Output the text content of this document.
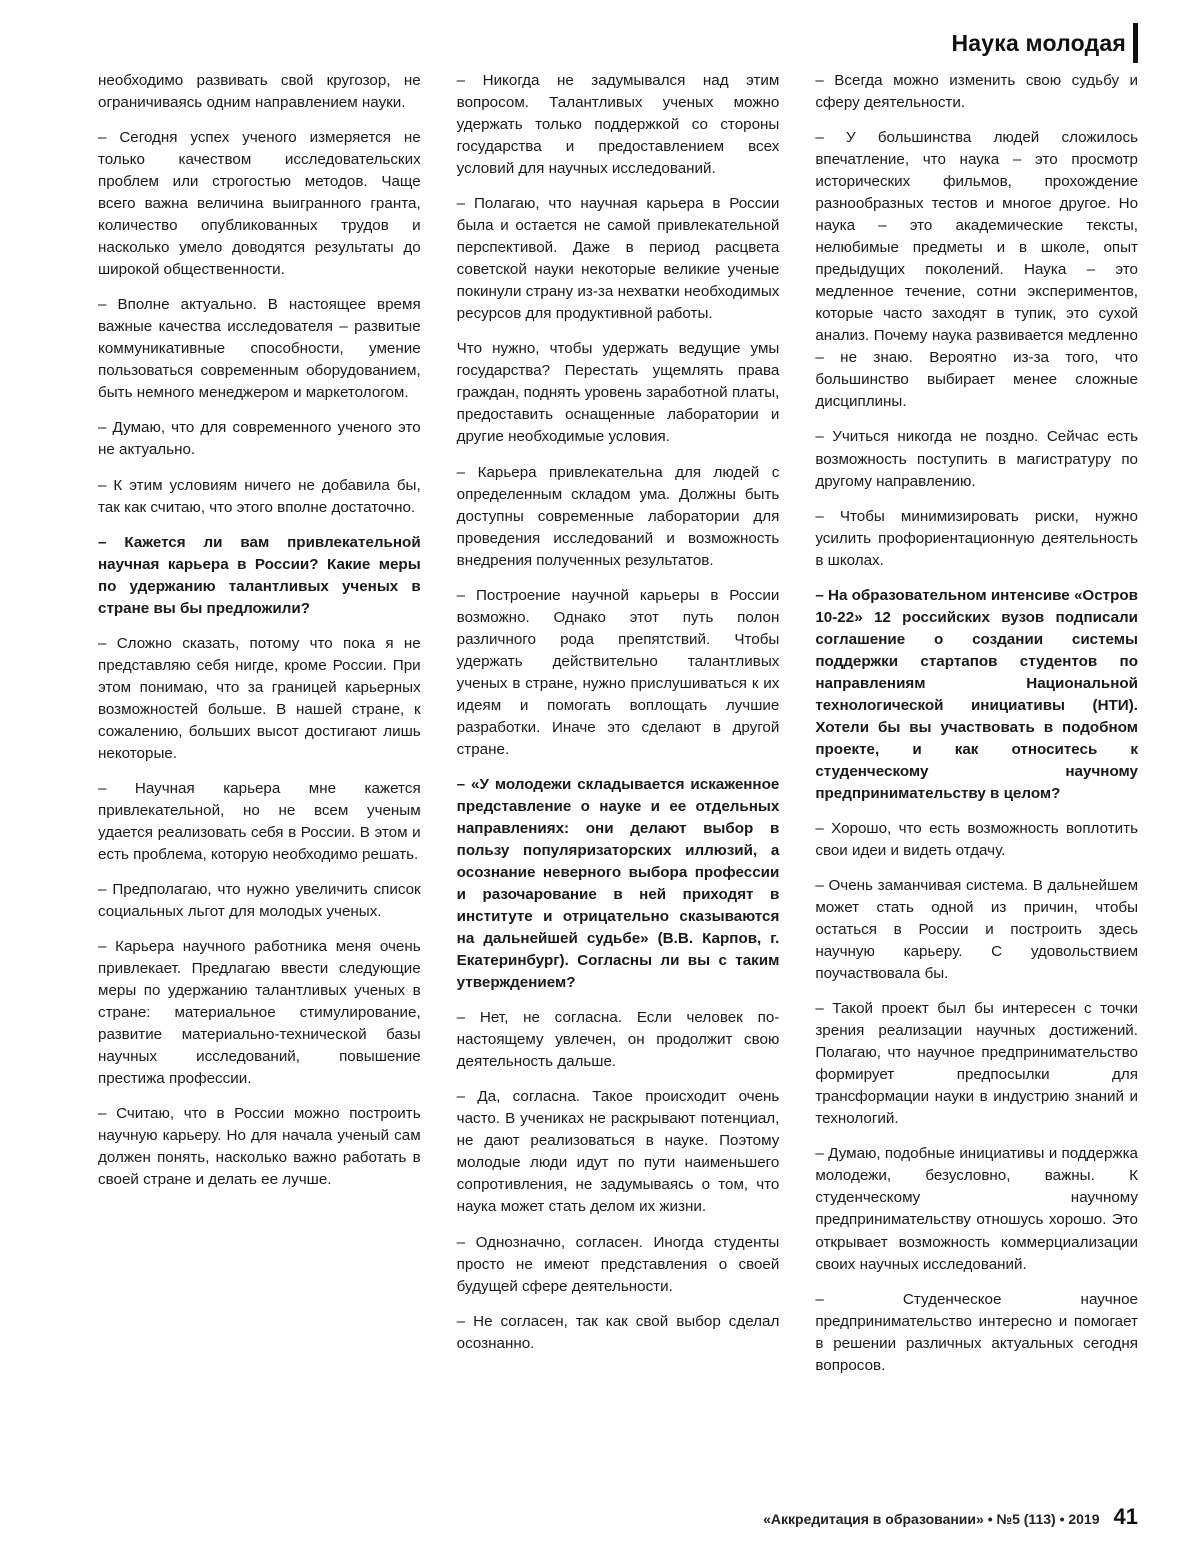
Наука молодая

необходимо развивать свой кругозор, не ограничиваясь одним направлением науки.

– Сегодня успех ученого измеряется не только качеством исследовательских проблем или строгостью методов. Чаще всего важна величина выигранного гранта, количество опубликованных трудов и насколько умело доводятся результаты до широкой общественности.

– Вполне актуально. В настоящее время важные качества исследователя – развитые коммуникативные способности, умение пользоваться современным оборудованием, быть немного менеджером и маркетологом.

– Думаю, что для современного ученого это не актуально.

– К этим условиям ничего не добавила бы, так как считаю, что этого вполне достаточно.

– Кажется ли вам привлекательной научная карьера в России? Какие меры по удержанию талантливых ученых в стране вы бы предложили?

– Сложно сказать, потому что пока я не представляю себя нигде, кроме России. При этом понимаю, что за границей карьерных возможностей больше. В нашей стране, к сожалению, больших высот достигают лишь некоторые.

– Научная карьера мне кажется привлекательной, но не всем ученым удается реализовать себя в России. В этом и есть проблема, которую необходимо решать.

– Предполагаю, что нужно увеличить список социальных льгот для молодых ученых.

– Карьера научного работника меня очень привлекает. Предлагаю ввести следующие меры по удержанию талантливых ученых в стране: материальное стимулирование, развитие материально-технической базы научных исследований, повышение престижа профессии.

– Считаю, что в России можно построить научную карьеру. Но для начала ученый сам должен понять, насколько важно работать в своей стране и делать ее лучше.

– Никогда не задумывался над этим вопросом. Талантливых ученых можно удержать только поддержкой со стороны государства и предоставлением всех условий для научных исследований.

– Полагаю, что научная карьера в России была и остается не самой привлекательной перспективой. Даже в период расцвета советской науки некоторые великие ученые покинули страну из-за нехватки необходимых ресурсов для продуктивной работы.

Что нужно, чтобы удержать ведущие умы государства? Перестать ущемлять права граждан, поднять уровень заработной платы, предоставить оснащенные лаборатории и другие необходимые условия.

– Карьера привлекательна для людей с определенным складом ума. Должны быть доступны современные лаборатории для проведения исследований и возможность внедрения полученных результатов.

– Построение научной карьеры в России возможно. Однако этот путь полон различного рода препятствий. Чтобы удержать действительно талантливых ученых в стране, нужно прислушиваться к их идеям и помогать воплощать лучшие разработки. Иначе это сделают в другой стране.

– «У молодежи складывается искаженное представление о науке и ее отдельных направлениях: они делают выбор в пользу популяризаторских иллюзий, а осознание неверного выбора профессии и разочарование в ней приходят в институте и отрицательно сказываются на дальнейшей судьбе» (В.В. Карпов, г. Екатеринбург). Согласны ли вы с таким утверждением?

– Нет, не согласна. Если человек по-настоящему увлечен, он продолжит свою деятельность дальше.

– Да, согласна. Такое происходит очень часто. В учениках не раскрывают потенциал, не дают реализоваться в науке. Поэтому молодые люди идут по пути наименьшего сопротивления, не задумываясь о том, что наука может стать делом их жизни.

– Однозначно, согласен. Иногда студенты просто не имеют представления о своей будущей сфере деятельности.

– Не согласен, так как свой выбор сделал осознанно.

– Всегда можно изменить свою судьбу и сферу деятельности.

– У большинства людей сложилось впечатление, что наука – это просмотр исторических фильмов, прохождение разнообразных тестов и многое другое. Но наука – это академические тексты, нелюбимые предметы и в школе, опыт предыдущих поколений. Наука – это медленное течение, сотни экспериментов, которые часто заходят в тупик, это сухой анализ. Почему наука развивается медленно – не знаю. Вероятно из-за того, что большинство выбирает менее сложные дисциплины.

– Учиться никогда не поздно. Сейчас есть возможность поступить в магистратуру по другому направлению.

– Чтобы минимизировать риски, нужно усилить профориентационную деятельность в школах.

– На образовательном интенсиве «Остров 10-22» 12 российских вузов подписали соглашение о создании системы поддержки стартапов студентов по направлениям Национальной технологической инициативы (НТИ). Хотели бы вы участвовать в подобном проекте, и как относитесь к студенческому научному предпринимательству в целом?

– Хорошо, что есть возможность воплотить свои идеи и видеть отдачу.

– Очень заманчивая система. В дальнейшем может стать одной из причин, чтобы остаться в России и построить здесь научную карьеру. С удовольствием поучаствовала бы.

– Такой проект был бы интересен с точки зрения реализации научных достижений. Полагаю, что научное предпринимательство формирует предпосылки для трансформации науки в индустрию знаний и технологий.

– Думаю, подобные инициативы и поддержка молодежи, безусловно, важны. К студенческому научному предпринимательству отношусь хорошо. Это открывает возможность коммерциализации своих научных исследований.

– Студенческое научное предпринимательство интересно и помогает в решении различных актуальных сегодня вопросов.

«Аккредитация в образовании» • №5 (113) • 2019 41
